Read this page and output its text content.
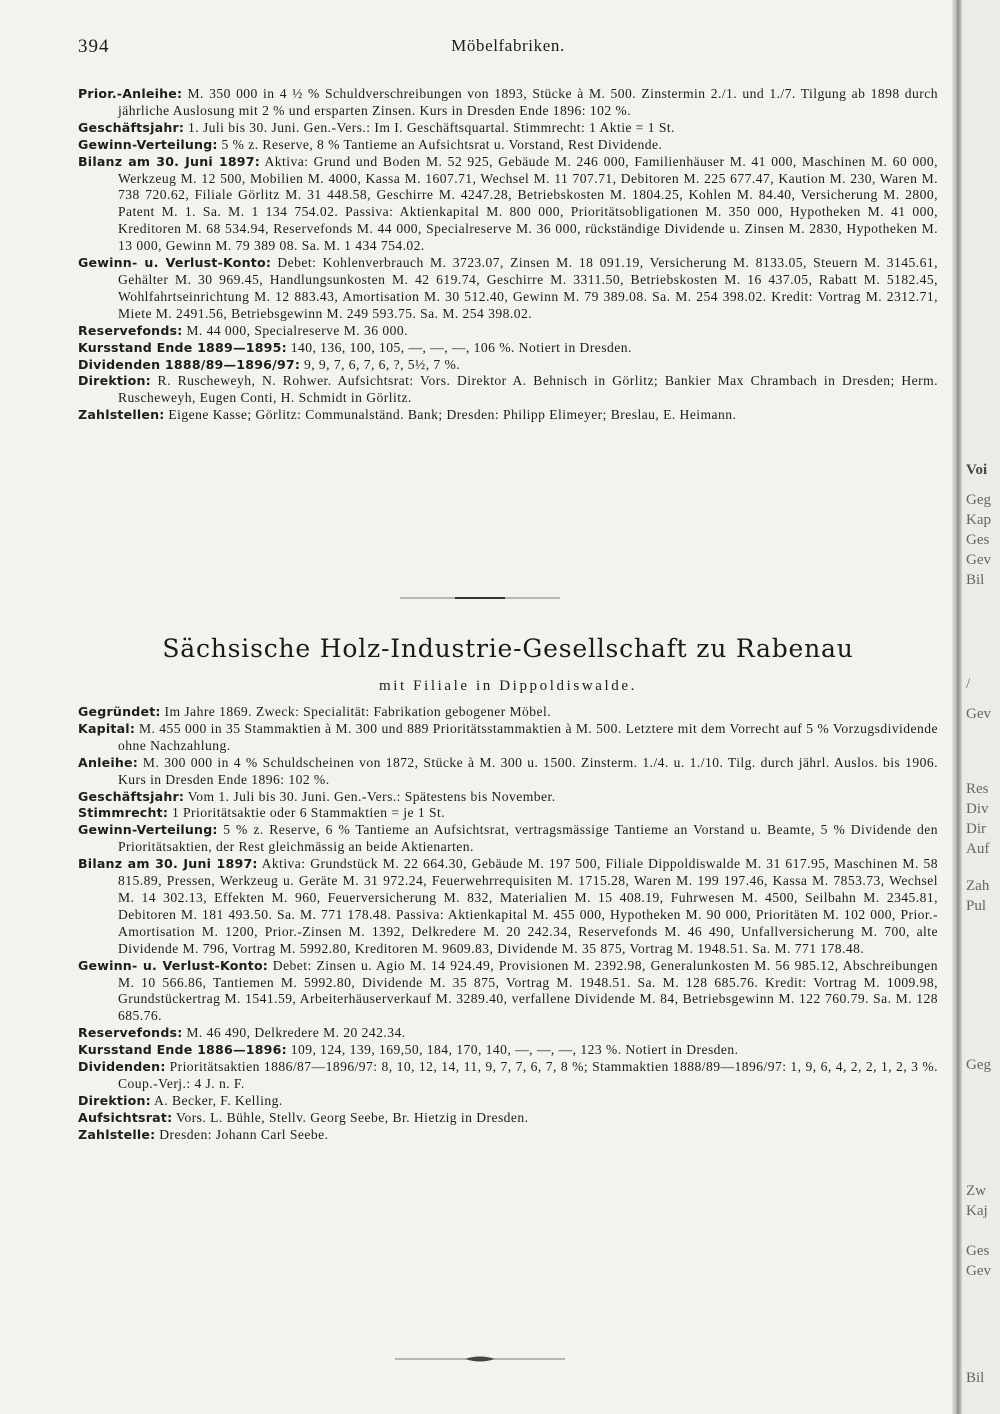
394	Möbelfabriken.

Prior.-Anleihe: M. 350 000 in 4 ½ % Schuldverschreibungen von 1893, Stücke à M. 500. Zinstermin 2./1. und 1./7. Tilgung ab 1898 durch jährliche Auslosung mit 2 % und ersparten Zinsen. Kurs in Dresden Ende 1896: 102 %.

Geschäftsjahr: 1. Juli bis 30. Juni. Gen.-Vers.: Im I. Geschäftsquartal. Stimmrecht: 1 Aktie = 1 St.

Gewinn-Verteilung: 5 % z. Reserve, 8 % Tantieme an Aufsichtsrat u. Vorstand, Rest Dividende.

Bilanz am 30. Juni 1897: Aktiva: Grund und Boden M. 52 925, Gebäude M. 246 000, Familienhäuser M. 41 000, Maschinen M. 60 000, Werkzeug M. 12 500, Mobilien M. 4000, Kassa M. 1607.71, Wechsel M. 11 707.71, Debitoren M. 225 677.47, Kaution M. 230, Waren M. 738 720.62, Filiale Görlitz M. 31 448.58, Geschirre M. 4247.28, Betriebskosten M. 1804.25, Kohlen M. 84.40, Versicherung M. 2800, Patent M. 1. Sa. M. 1 134 754.02. Passiva: Aktienkapital M. 800 000, Prioritätsobligationen M. 350 000, Hypotheken M. 41 000, Kreditoren M. 68 534.94, Reservefonds M. 44 000, Specialreserve M. 36 000, rückständige Dividende u. Zinsen M. 2830, Hypotheken M. 13 000, Gewinn M. 79 389 08. Sa. M. 1 434 754.02.

Gewinn- u. Verlust-Konto: Debet: Kohlenverbrauch M. 3723.07, Zinsen M. 18 091.19, Versicherung M. 8133.05, Steuern M. 3145.61, Gehälter M. 30 969.45, Handlungsunkosten M. 42 619.74, Geschirre M. 3311.50, Betriebskosten M. 16 437.05, Rabatt M. 5182.45, Wohlfahrtseinrichtung M. 12 883.43, Amortisation M. 30 512.40, Gewinn M. 79 389.08. Sa. M. 254 398.02. Kredit: Vortrag M. 2312.71, Miete M. 2491.56, Betriebsgewinn M. 249 593.75. Sa. M. 254 398.02.

Reservefonds: M. 44 000, Specialreserve M. 36 000.

Kursstand Ende 1889—1895: 140, 136, 100, 105, —, —, —, 106 %. Notiert in Dresden.

Dividenden 1888/89—1896/97: 9, 9, 7, 6, 7, 6, ?, 5½, 7 %.

Direktion: R. Ruscheweyh, N. Rohwer. Aufsichtsrat: Vors. Direktor A. Behnisch in Görlitz; Bankier Max Chrambach in Dresden; Herm. Ruscheweyh, Eugen Conti, H. Schmidt in Görlitz.

Zahlstellen: Eigene Kasse; Görlitz: Communalständ. Bank; Dresden: Philipp Elimeyer; Breslau, E. Heimann.

Sächsische Holz-Industrie-Gesellschaft zu Rabenau
mit Filiale in Dippoldiswalde.

Gegründet: Im Jahre 1869. Zweck: Specialität: Fabrikation gebogener Möbel.

Kapital: M. 455 000 in 35 Stammaktien à M. 300 und 889 Prioritätsstammaktien à M. 500. Letztere mit dem Vorrecht auf 5 % Vorzugsdividende ohne Nachzahlung.

Anleihe: M. 300 000 in 4 % Schuldscheinen von 1872, Stücke à M. 300 u. 1500. Zinsterm. 1./4. u. 1./10. Tilg. durch jährl. Auslos. bis 1906. Kurs in Dresden Ende 1896: 102 %.

Geschäftsjahr: Vom 1. Juli bis 30. Juni. Gen.-Vers.: Spätestens bis November.

Stimmrecht: 1 Prioritätsaktie oder 6 Stammaktien = je 1 St.

Gewinn-Verteilung: 5 % z. Reserve, 6 % Tantieme an Aufsichtsrat, vertragsmässige Tantieme an Vorstand u. Beamte, 5 % Dividende den Prioritätsaktien, der Rest gleichmässig an beide Aktienarten.

Bilanz am 30. Juni 1897: Aktiva: Grundstück M. 22 664.30, Gebäude M. 197 500, Filiale Dippoldiswalde M. 31 617.95, Maschinen M. 58 815.89, Pressen, Werkzeug u. Geräte M. 31 972.24, Feuerwehrrequisiten M. 1715.28, Waren M. 199 197.46, Kassa M. 7853.73, Wechsel M. 14 302.13, Effekten M. 960, Feuerversicherung M. 832, Materialien M. 15 408.19, Fuhrwesen M. 4500, Seilbahn M. 2345.81, Debitoren M. 181 493.50. Sa. M. 771 178.48. Passiva: Aktienkapital M. 455 000, Hypotheken M. 90 000, Prioritäten M. 102 000, Prior.-Amortisation M. 1200, Prior.-Zinsen M. 1392, Delkredere M. 20 242.34, Reservefonds M. 46 490, Unfallversicherung M. 700, alte Dividende M. 796, Vortrag M. 5992.80, Kreditoren M. 9609.83, Dividende M. 35 875, Vortrag M. 1948.51. Sa. M. 771 178.48.

Gewinn- u. Verlust-Konto: Debet: Zinsen u. Agio M. 14 924.49, Provisionen M. 2392.98, Generalunkosten M. 56 985.12, Abschreibungen M. 10 566.86, Tantiemen M. 5992.80, Dividende M. 35 875, Vortrag M. 1948.51. Sa. M. 128 685.76. Kredit: Vortrag M. 1009.98, Grundstückertrag M. 1541.59, Arbeiterhäuserverkauf M. 3289.40, verfallene Dividende M. 84, Betriebsgewinn M. 122 760.79. Sa. M. 128 685.76.

Reservefonds: M. 46 490, Delkredere M. 20 242.34.

Kursstand Ende 1886—1896: 109, 124, 139, 169,50, 184, 170, 140, —, —, —, 123 %. Notiert in Dresden.

Dividenden: Prioritätsaktien 1886/87—1896/97: 8, 10, 12, 14, 11, 9, 7, 7, 6, 7, 8 %; Stammaktien 1888/89—1896/97: 1, 9, 6, 4, 2, 2, 1, 2, 3 %. Coup.-Verj.: 4 J. n. F.

Direktion: A. Becker, F. Kelling.

Aufsichtsrat: Vors. L. Bühle, Stellv. Georg Seebe, Br. Hietzig in Dresden.

Zahlstelle: Dresden: Johann Carl Seebe.

Voi
Geg
Kap
Ges
Gev
Bil
/
Gev
Res
Div
Dir
Auf
Zah
Pul
Geg
Zw
Kaj
Ges
Gev
Bil
